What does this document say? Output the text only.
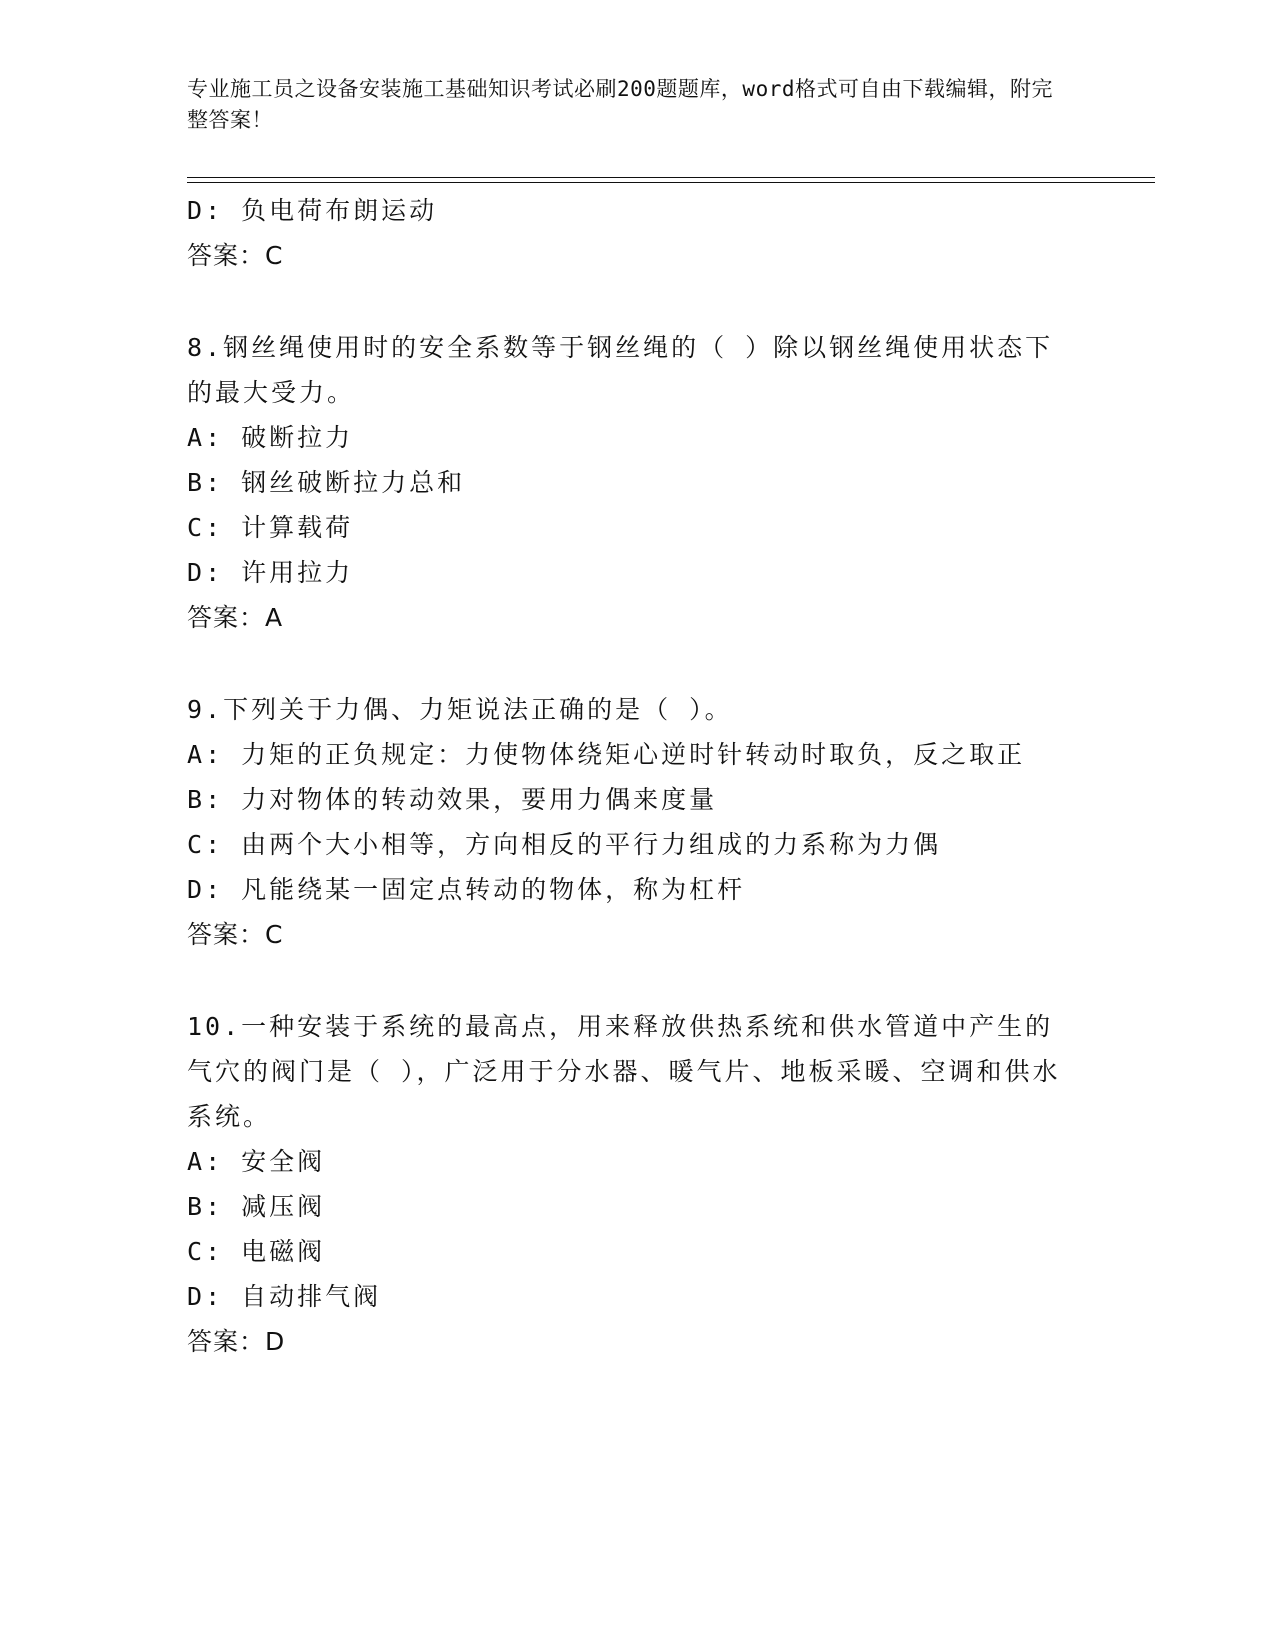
专业施工员之设备安装施工基础知识考试必刷200题题库，word格式可自由下载编辑，附完整答案！
D: 负电荷布朗运动
答案：C
8.钢丝绳使用时的安全系数等于钢丝绳的（ ）除以钢丝绳使用状态下的最大受力。
A: 破断拉力
B: 钢丝破断拉力总和
C: 计算载荷
D: 许用拉力
答案：A
9.下列关于力偶、力矩说法正确的是（ ）。
A: 力矩的正负规定：力使物体绕矩心逆时针转动时取负，反之取正
B: 力对物体的转动效果，要用力偶来度量
C: 由两个大小相等，方向相反的平行力组成的力系称为力偶
D: 凡能绕某一固定点转动的物体，称为杠杆
答案：C
10.一种安装于系统的最高点，用来释放供热系统和供水管道中产生的气穴的阀门是（ ），广泛用于分水器、暖气片、地板采暖、空调和供水系统。
A: 安全阀
B: 减压阀
C: 电磁阀
D: 自动排气阀
答案：D
